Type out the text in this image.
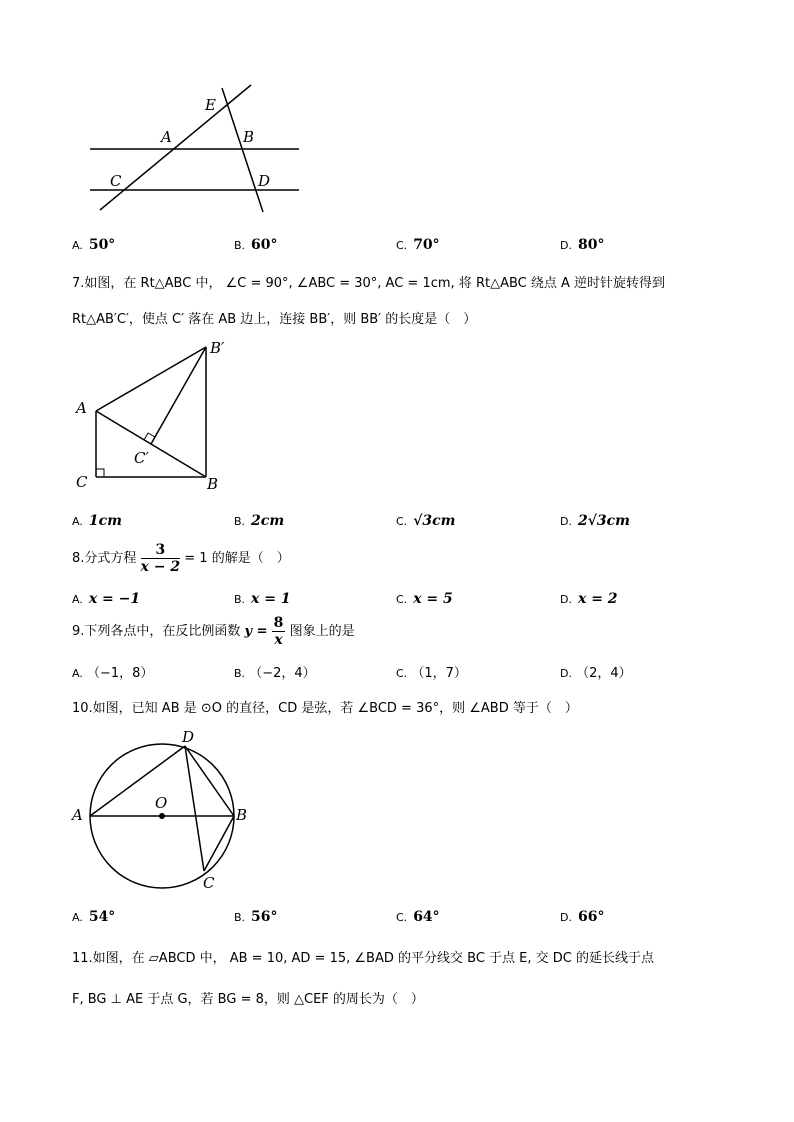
E
A	B
C	D
A. 50°	B. 60°	C. 70°	D. 80°
7.如图，在 Rt△ABC 中， ∠C = 90°, ∠ABC = 30°, AC = 1cm, 将 Rt△ABC 绕点 A 逆时针旋转得到
Rt△AB′C′，使点 C′ 落在 AB 边上，连接 BB′，则 BB′ 的长度是（　）
B′
A
C′
C	B
A. 1cm	B. 2cm	C. √3cm	D. 2√3cm
8.分式方程 $\frac{3}{x - 2} = 1$ 的解是（　）
A. x = −1	B. x = 1	C. x = 5	D. x = 2
9.下列各点中，在反比例函数 $y = \frac{8}{x}$ 图象上的是
A. （−1，8）	B. （−2，4）	C. （1，7）	D. （2，4）
10.如图，已知 AB 是 ⊙O 的直径，CD 是弦，若 ∠BCD = 36°，则 ∠ABD 等于（　）
D
O
A	B
C
A. 54°	B. 56°	C. 64°	D. 66°
11.如图，在 ▱ABCD 中， AB = 10, AD = 15, ∠BAD 的平分线交 BC 于点 E, 交 DC 的延长线于点
F, BG ⊥ AE 于点 G，若 BG = 8，则 △CEF 的周长为（　）
